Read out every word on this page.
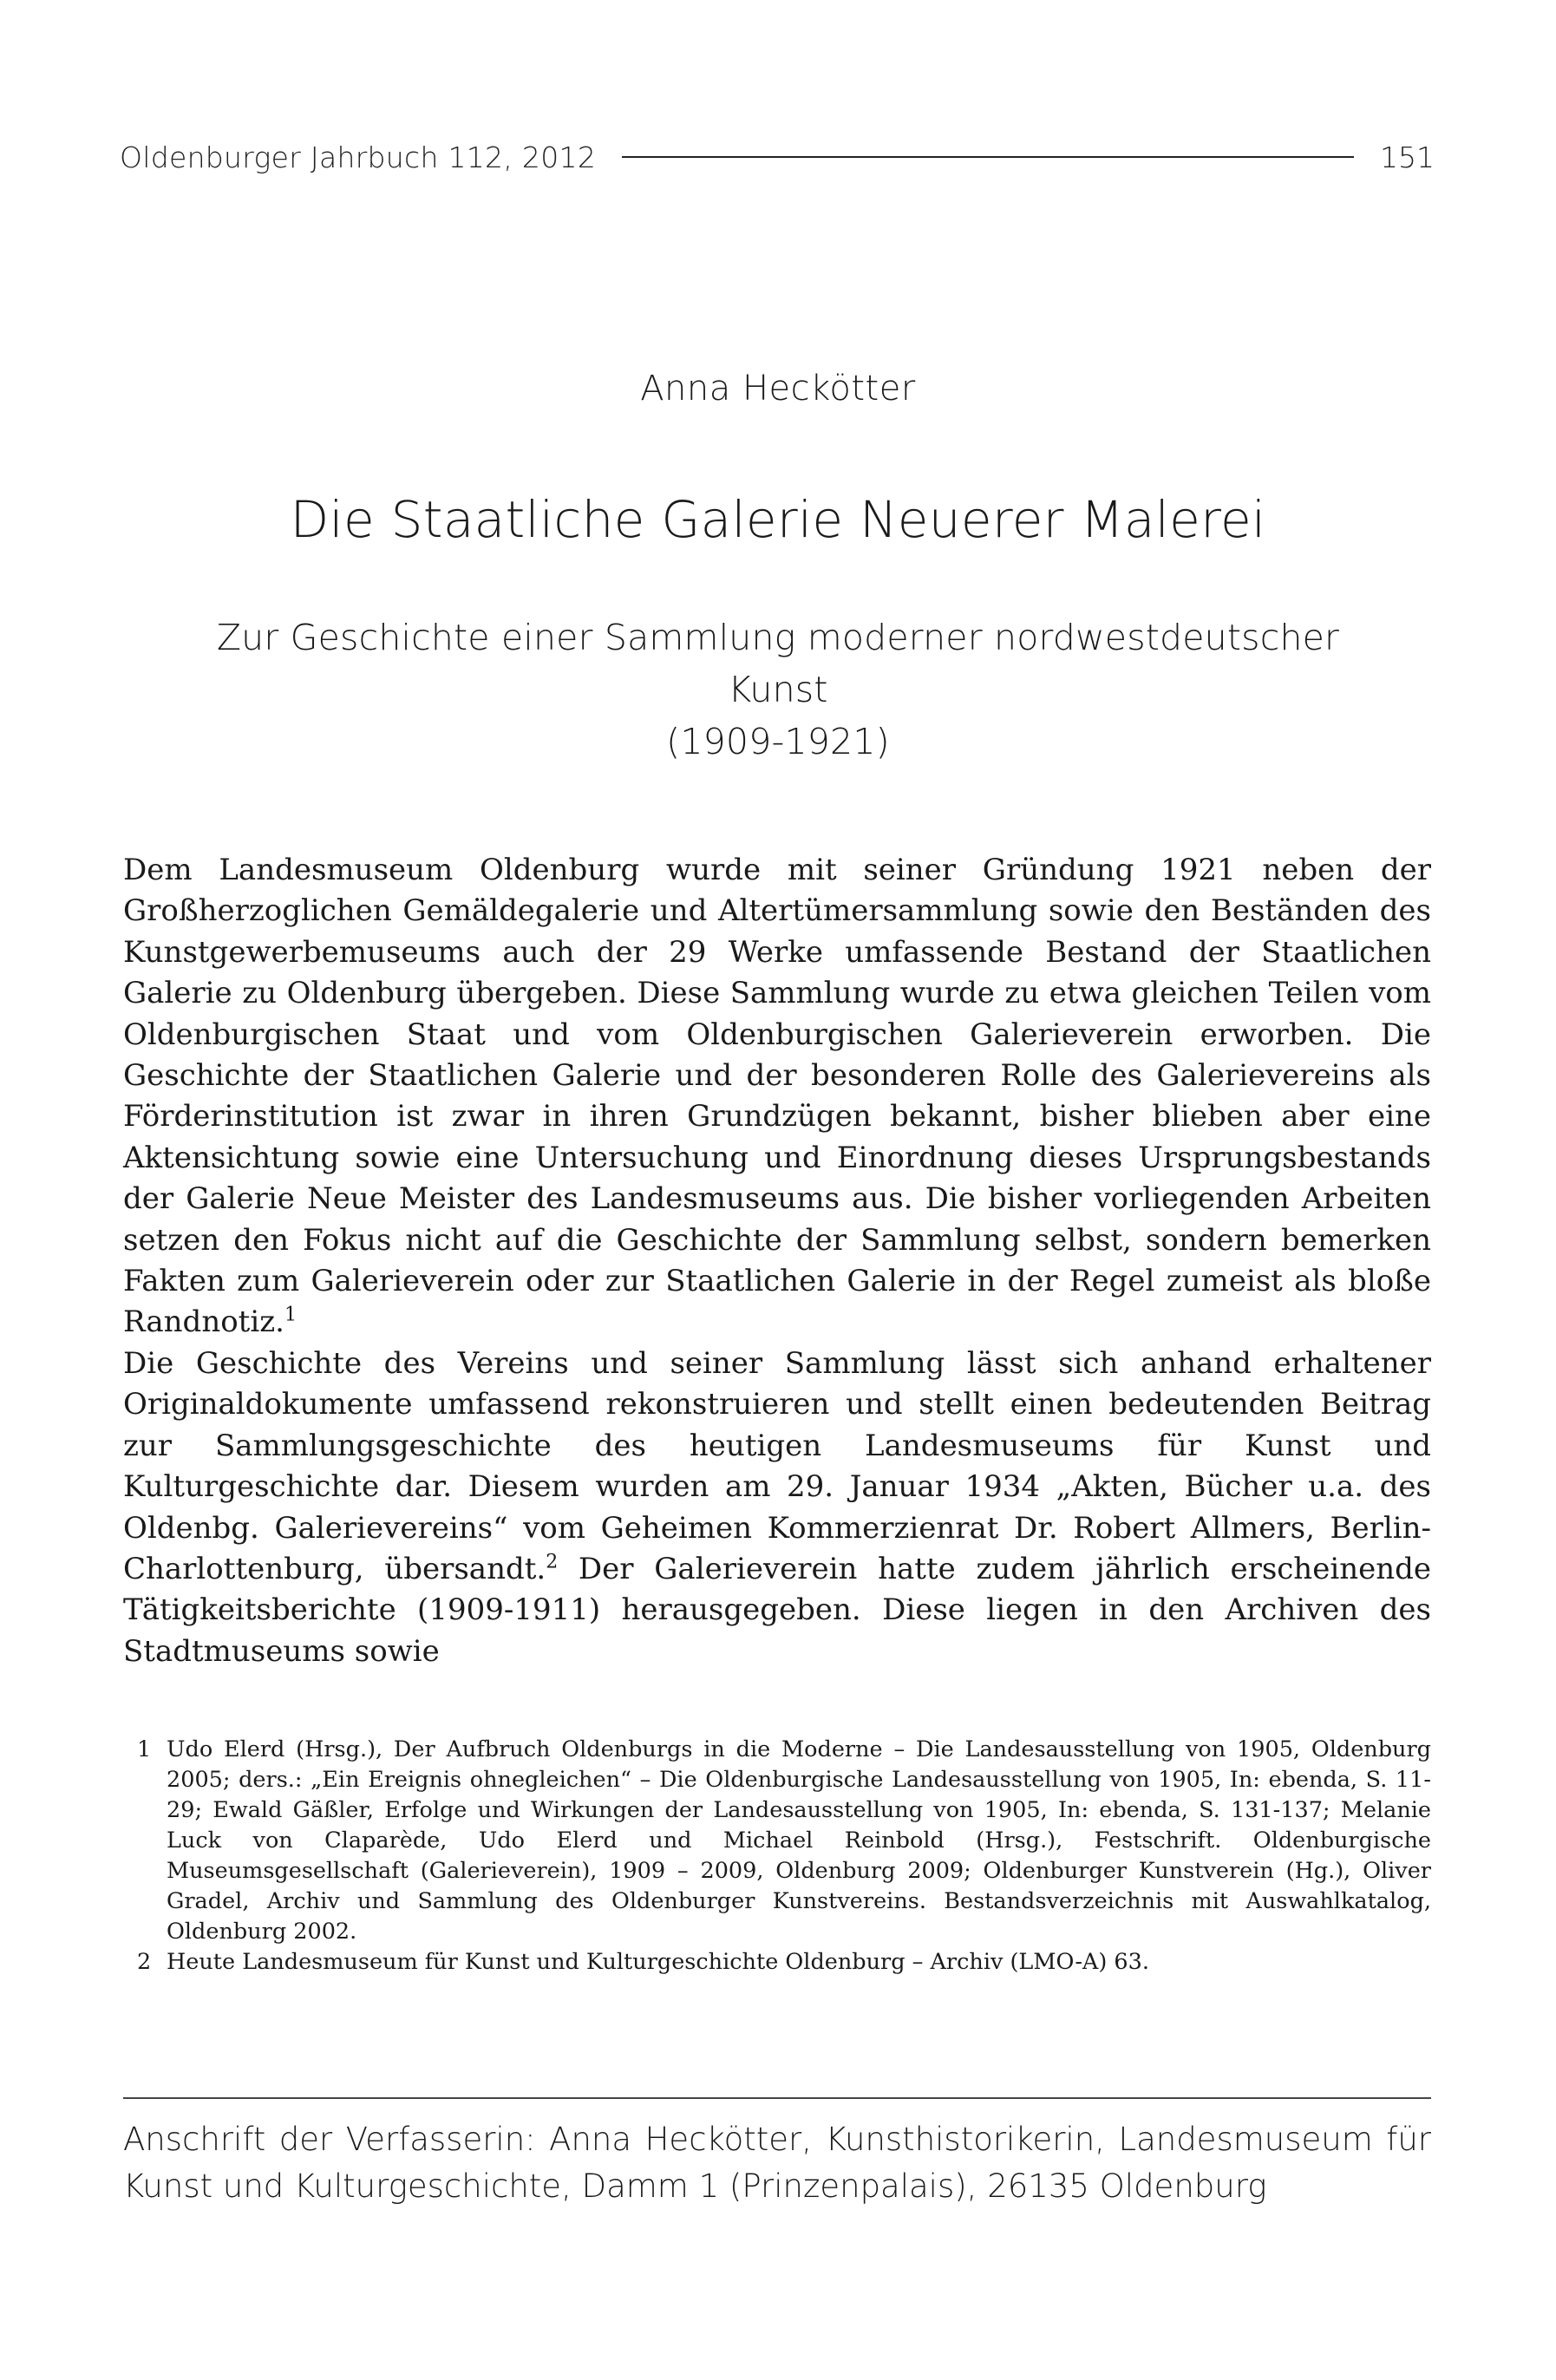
Oldenburger Jahrbuch 112, 2012	151
Anna Heckötter
Die Staatliche Galerie Neuerer Malerei
Zur Geschichte einer Sammlung moderner nordwestdeutscher Kunst
(1909-1921)

Dem Landesmuseum Oldenburg wurde mit seiner Gründung 1921 neben der Großherzoglichen Gemäldegalerie und Altertümersammlung sowie den Beständen des Kunstgewerbemuseums auch der 29 Werke umfassende Bestand der Staatlichen Galerie zu Oldenburg übergeben. Diese Sammlung wurde zu etwa gleichen Teilen vom Oldenburgischen Staat und vom Oldenburgischen Galerieverein erworben. Die Geschichte der Staatlichen Galerie und der besonderen Rolle des Galerievereins als Förderinstitution ist zwar in ihren Grundzügen bekannt, bisher blieben aber eine Aktensichtung sowie eine Untersuchung und Einordnung dieses Ursprungsbestands der Galerie Neue Meister des Landesmuseums aus. Die bisher vorliegenden Arbeiten setzen den Fokus nicht auf die Geschichte der Sammlung selbst, sondern bemerken Fakten zum Galerieverein oder zur Staatlichen Galerie in der Regel zumeist als bloße Randnotiz.$^1$

Die Geschichte des Vereins und seiner Sammlung lässt sich anhand erhaltener Originaldokumente umfassend rekonstruieren und stellt einen bedeutenden Beitrag zur Sammlungsgeschichte des heutigen Landesmuseums für Kunst und Kulturgeschichte dar. Diesem wurden am 29. Januar 1934 „Akten, Bücher u.a. des Oldenbg. Galerievereins“ vom Geheimen Kommerzienrat Dr. Robert Allmers, Berlin-Charlottenburg, übersandt.$^2$ Der Galerieverein hatte zudem jährlich erscheinende Tätigkeitsberichte (1909-1911) herausgegeben. Diese liegen in den Archiven des Stadtmuseums sowie

1 Udo Elerd (Hrsg.), Der Aufbruch Oldenburgs in die Moderne – Die Landesausstellung von 1905, Oldenburg 2005; ders.: „Ein Ereignis ohnegleichen“ – Die Oldenburgische Landesausstellung von 1905, In: ebenda, S. 11-29; Ewald Gäßler, Erfolge und Wirkungen der Landesausstellung von 1905, In: ebenda, S. 131-137; Melanie Luck von Claparède, Udo Elerd und Michael Reinbold (Hrsg.), Festschrift. Oldenburgische Museumsgesellschaft (Galerieverein), 1909 – 2009, Oldenburg 2009; Oldenburger Kunstverein (Hg.), Oliver Gradel, Archiv und Sammlung des Oldenburger Kunstvereins. Bestandsverzeichnis mit Auswahlkatalog, Oldenburg 2002.
2 Heute Landesmuseum für Kunst und Kulturgeschichte Oldenburg – Archiv (LMO-A) 63.
Anschrift der Verfasserin: Anna Heckötter, Kunsthistorikerin, Landesmuseum für Kunst und Kulturgeschichte, Damm 1 (Prinzenpalais), 26135 Oldenburg
